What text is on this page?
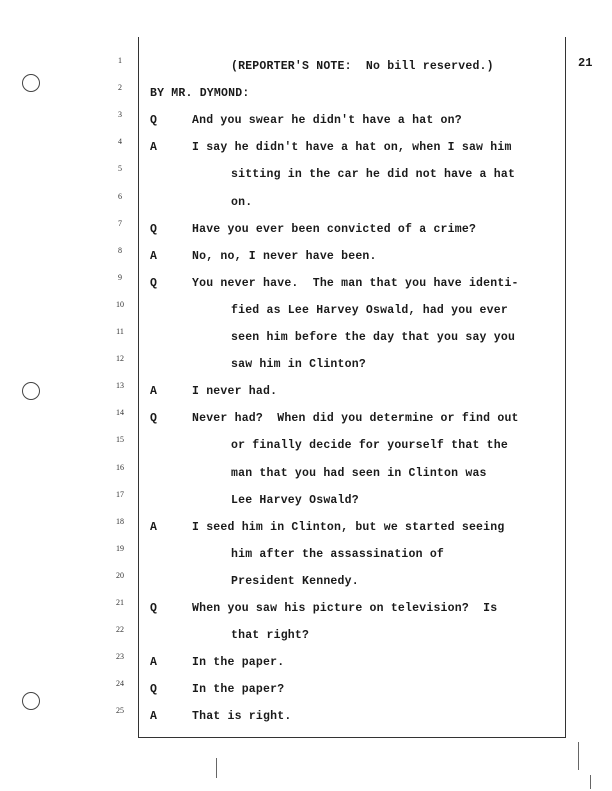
21
1	(REPORTER'S NOTE:  No bill reserved.)
2	BY MR. DYMOND:
3	Q	And you swear he didn't have a hat on?
4	A	I say he didn't have a hat on, when I saw him
5	sitting in the car he did not have a hat
6	on.
7	Q	Have you ever been convicted of a crime?
8	A	No, no, I never have been.
9	Q	You never have.  The man that you have identi-
10	fied as Lee Harvey Oswald, had you ever
11	seen him before the day that you say you
12	saw him in Clinton?
13	A	I never had.
14	Q	Never had?  When did you determine or find out
15	or finally decide for yourself that the
16	man that you had seen in Clinton was
17	Lee Harvey Oswald?
18	A	I seed him in Clinton, but we started seeing
19	him after the assassination of
20	President Kennedy.
21	Q	When you saw his picture on television?  Is
22	that right?
23	A	In the paper.
24	Q	In the paper?
25	A	That is right.
